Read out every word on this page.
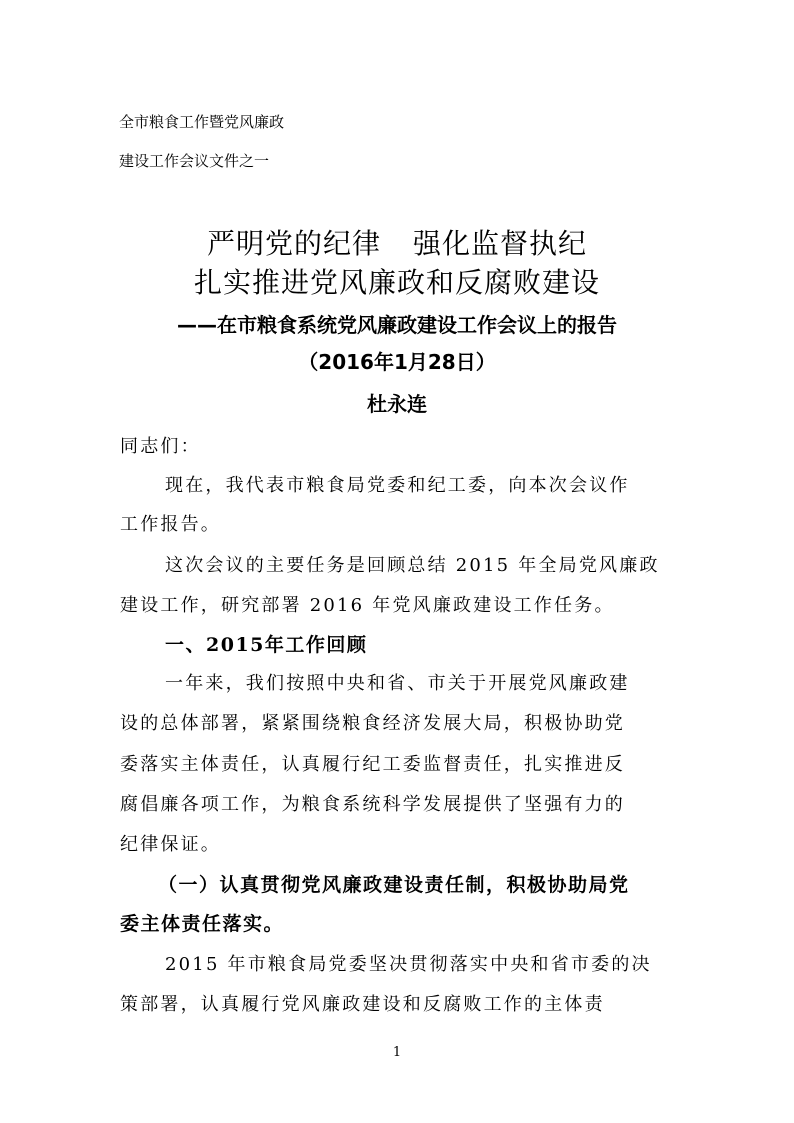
全市粮食工作暨党风廉政
建设工作会议文件之一
严明党的纪律 强化监督执纪
扎实推进党风廉政和反腐败建设
——在市粮食系统党风廉政建设工作会议上的报告
（2016年1月28日）
杜永连
同志们：
现在，我代表市粮食局党委和纪工委，向本次会议作
工作报告。
这次会议的主要任务是回顾总结 2015 年全局党风廉政
建设工作，研究部署 2016 年党风廉政建设工作任务。
一、2015年工作回顾
一年来，我们按照中央和省、市关于开展党风廉政建
设的总体部署，紧紧围绕粮食经济发展大局，积极协助党
委落实主体责任，认真履行纪工委监督责任，扎实推进反
腐倡廉各项工作，为粮食系统科学发展提供了坚强有力的
纪律保证。
（一）认真贯彻党风廉政建设责任制，积极协助局党
委主体责任落实。
2015 年市粮食局党委坚决贯彻落实中央和省市委的决
策部署，认真履行党风廉政建设和反腐败工作的主体责
1
